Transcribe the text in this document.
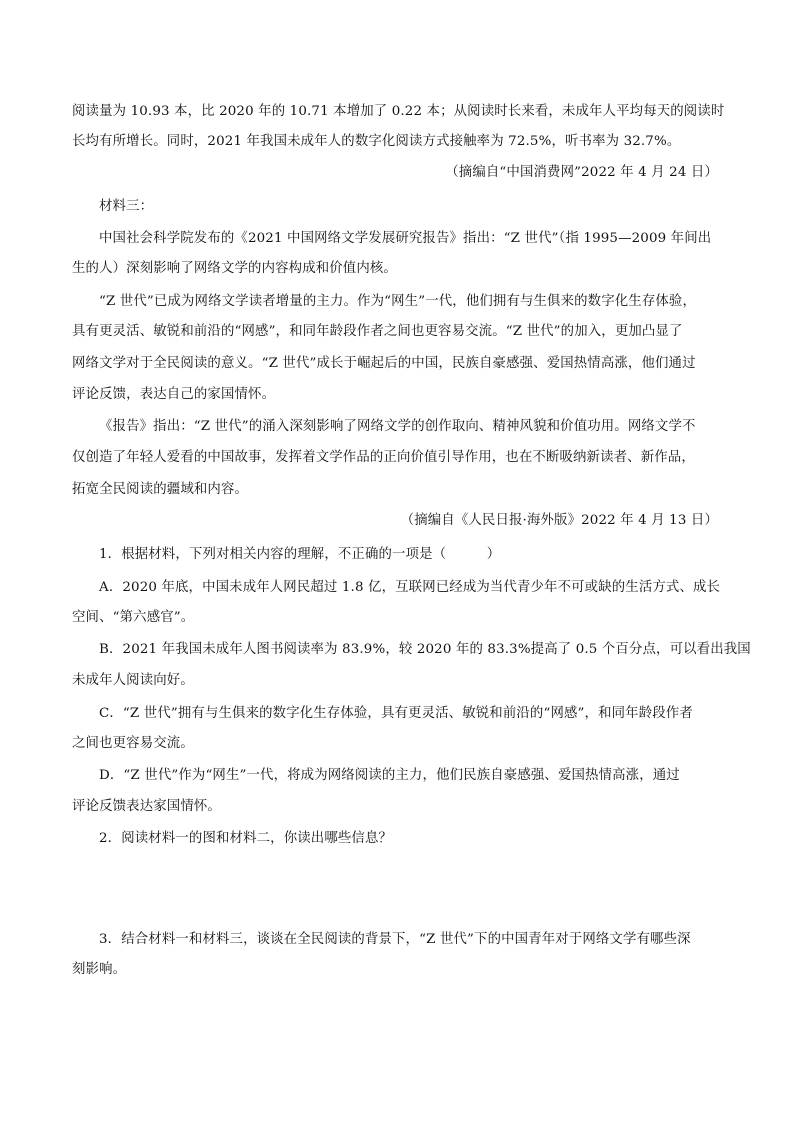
阅读量为 10.93 本，比 2020 年的 10.71 本增加了 0.22 本；从阅读时长来看，未成年人平均每天的阅读时
长均有所增长。同时，2021 年我国未成年人的数字化阅读方式接触率为 72.5%，听书率为 32.7%。
（摘编自“中国消费网”2022 年 4 月 24 日）
材料三：
中国社会科学院发布的《2021 中国网络文学发展研究报告》指出：“Z 世代”（指 1995—2009 年间出
生的人）深刻影响了网络文学的内容构成和价值内核。
“Z 世代”已成为网络文学读者增量的主力。作为“网生”一代，他们拥有与生俱来的数字化生存体验，
具有更灵活、敏锐和前沿的“网感”，和同年龄段作者之间也更容易交流。“Z 世代”的加入，更加凸显了
网络文学对于全民阅读的意义。“Z 世代”成长于崛起后的中国，民族自豪感强、爱国热情高涨，他们通过
评论反馈，表达自己的家国情怀。
《报告》指出：“Z 世代”的涌入深刻影响了网络文学的创作取向、精神风貌和价值功用。网络文学不
仅创造了年轻人爱看的中国故事，发挥着文学作品的正向价值引导作用，也在不断吸纳新读者、新作品，
拓宽全民阅读的疆域和内容。
（摘编自《人民日报·海外版》2022 年 4 月 13 日）
1．根据材料，下列对相关内容的理解，不正确的一项是（　　　）
A．2020 年底，中国未成年人网民超过 1.8 亿，互联网已经成为当代青少年不可或缺的生活方式、成长
空间、“第六感官”。
B．2021 年我国未成年人图书阅读率为 83.9%，较 2020 年的 83.3%提高了 0.5 个百分点，可以看出我国
未成年人阅读向好。
C．“Z 世代”拥有与生俱来的数字化生存体验，具有更灵活、敏锐和前沿的“网感”，和同年龄段作者
之间也更容易交流。
D．“Z 世代”作为“网生”一代，将成为网络阅读的主力，他们民族自豪感强、爱国热情高涨，通过
评论反馈表达家国情怀。
2．阅读材料一的图和材料二，你读出哪些信息？
3．结合材料一和材料三，谈谈在全民阅读的背景下，“Z 世代”下的中国青年对于网络文学有哪些深
刻影响。
